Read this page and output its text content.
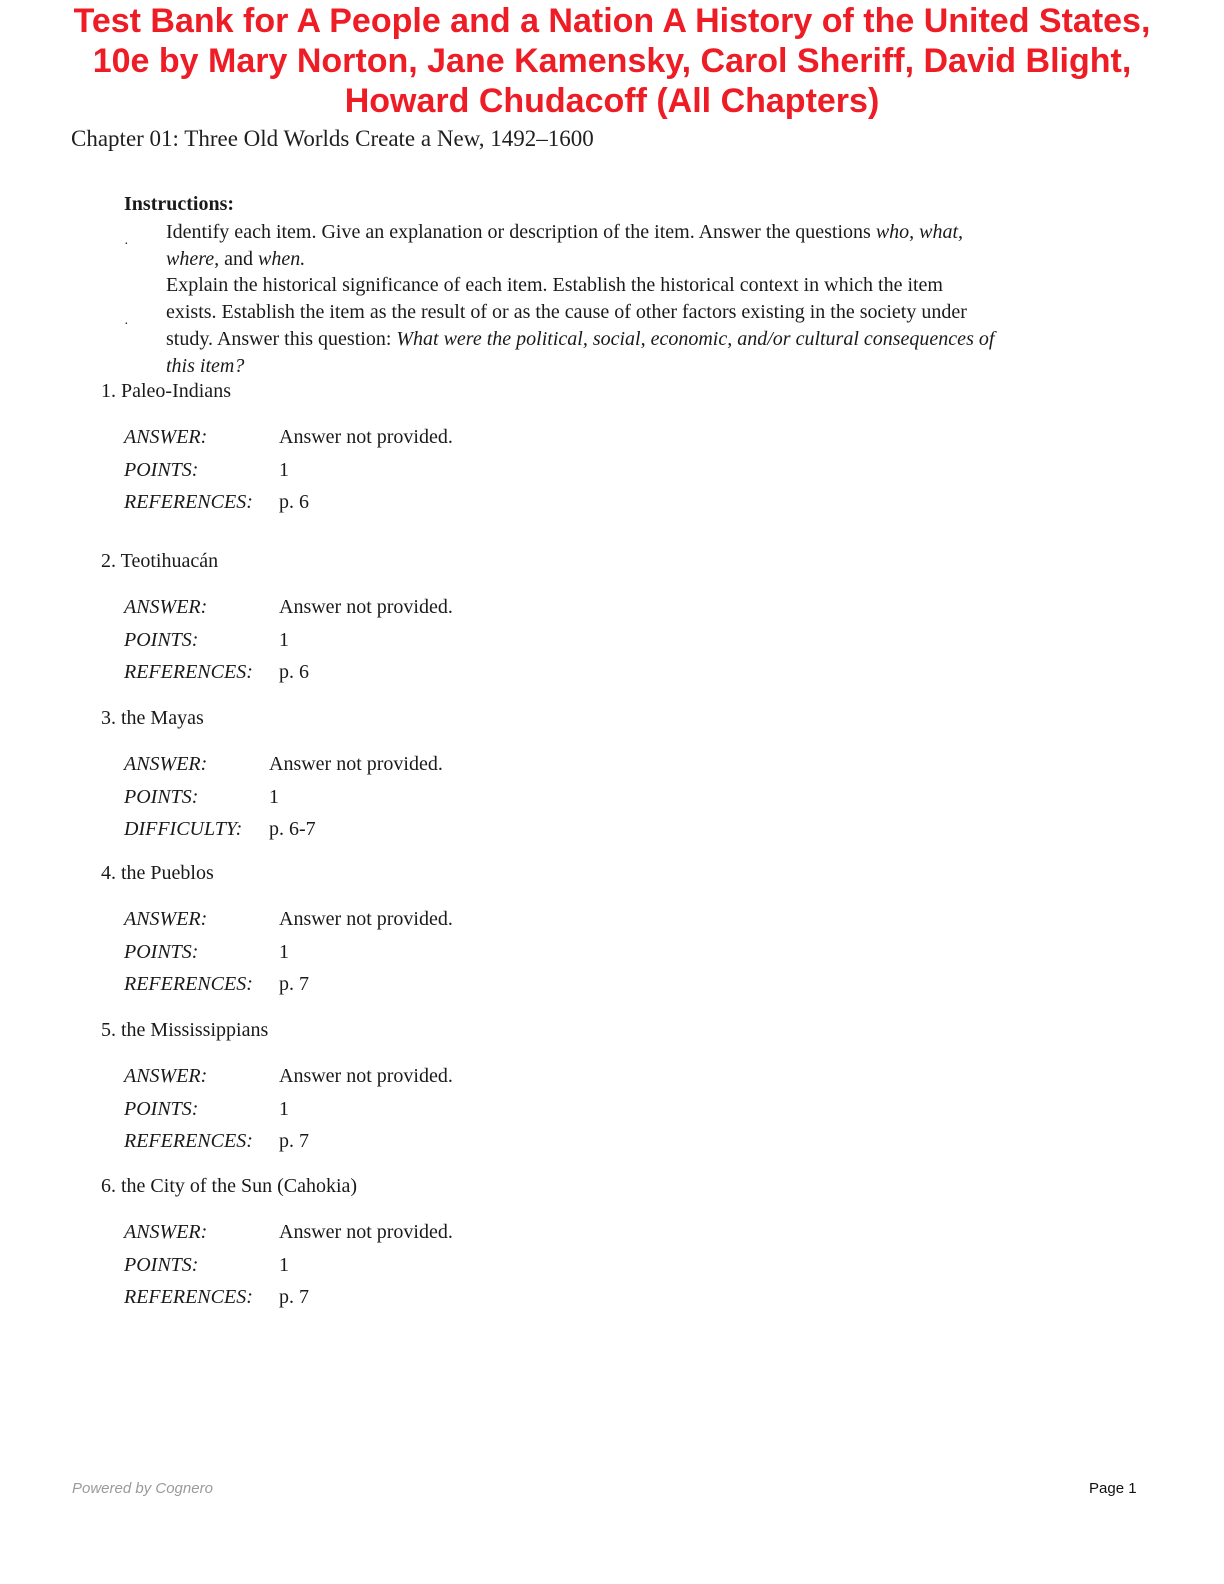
Test Bank for A People and a Nation A History of the United States,
10e by Mary Norton, Jane Kamensky, Carol Sheriff, David Blight,
Howard Chudacoff (All Chapters)
Chapter 01: Three Old Worlds Create a New, 1492–1600
Instructions:
·
Identify each item. Give an explanation or description of the item. Answer the questions who, what, where, and when.
·
Explain the historical significance of each item. Establish the historical context in which the item exists. Establish the item as the result of or as the cause of other factors existing in the society under study. Answer this question: What were the political, social, economic, and/or cultural consequences of this item?
1. Paleo-Indians
ANSWER:	Answer not provided.
POINTS:	1
REFERENCES:	p. 6
2. Teotihuacán
ANSWER:	Answer not provided.
POINTS:	1
REFERENCES:	p. 6
3. the Mayas
ANSWER:	Answer not provided.
POINTS:	1
DIFFICULTY:	p. 6-7
4. the Pueblos
ANSWER:	Answer not provided.
POINTS:	1
REFERENCES:	p. 7
5. the Mississippians
ANSWER:	Answer not provided.
POINTS:	1
REFERENCES:	p. 7
6. the City of the Sun (Cahokia)
ANSWER:	Answer not provided.
POINTS:	1
REFERENCES:	p. 7
Powered by Cognero	Page 1
